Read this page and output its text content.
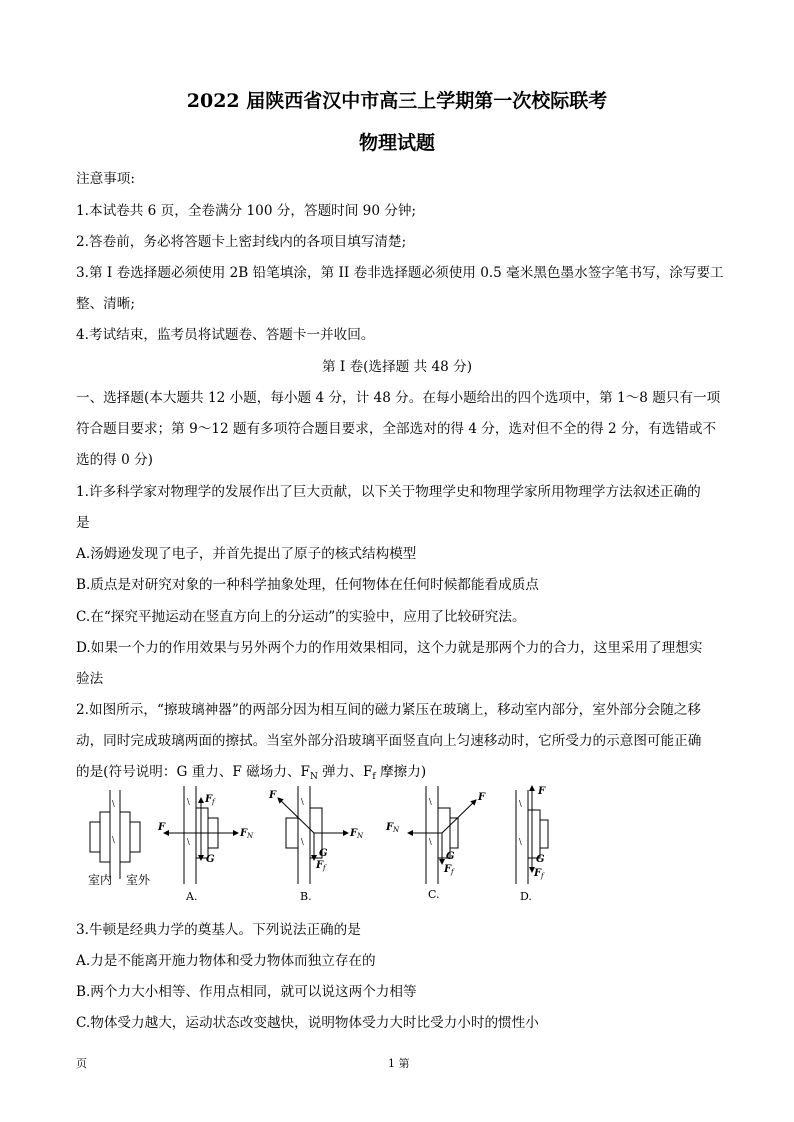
2022 届陕西省汉中市高三上学期第一次校际联考
物理试题
注意事项:
1.本试卷共 6 页，全卷满分 100 分，答题时间 90 分钟;
2.答卷前，务必将答题卡上密封线内的各项目填写清楚;
3.第 I 卷选择题必须使用 2B 铅笔填涂，第 II 卷非选择题必须使用 0.5 毫米黑色墨水签字笔书写，涂写要工
整、清晰;
4.考试结束，监考员将试题卷、答题卡一并收回。
第 I 卷(选择题 共 48 分)
一、选择题(本大题共 12 小题，每小题 4 分，计 48 分。在每小题给出的四个选项中，第 1～8 题只有一项
符合题目要求；第 9～12 题有多项符合题目要求，全部选对的得 4 分，选对但不全的得 2 分，有选错或不
选的得 0 分)
1.许多科学家对物理学的发展作出了巨大贡献，以下关于物理学史和物理学家所用物理学方法叙述正确的
是
A.汤姆逊发现了电子，并首先提出了原子的核式结构模型
B.质点是对研究对象的一种科学抽象处理，任何物体在任何时候都能看成质点
C.在“探究平抛运动在竖直方向上的分运动”的实验中，应用了比较研究法。
D.如果一个力的作用效果与另外两个力的作用效果相同，这个力就是那两个力的合力，这里采用了理想实
验法
2.如图所示，“擦玻璃神器”的两部分因为相互间的磁力紧压在玻璃上，移动室内部分，室外部分会随之移
动，同时完成玻璃两面的擦拭。当室外部分沿玻璃平面竖直向上匀速移动时，它所受力的示意图可能正确
的是(符号说明：G 重力、F 磁场力、$F_N$ 弹力、$F_f$ 摩擦力)
\
\
室内 室外
\
\
F
F f
F N
G
A.
\
\
F
F N
G
F f
B.
\
\
F N
F
G
F f
C.
\
\
F
G
F f
D.
3.牛顿是经典力学的奠基人。下列说法正确的是
A.力是不能离开施力物体和受力物体而独立存在的
B.两个力大小相等、作用点相同，就可以说这两个力相等
C.物体受力越大，运动状态改变越快，说明物体受力大时比受力小时的惯性小
页	1 第
